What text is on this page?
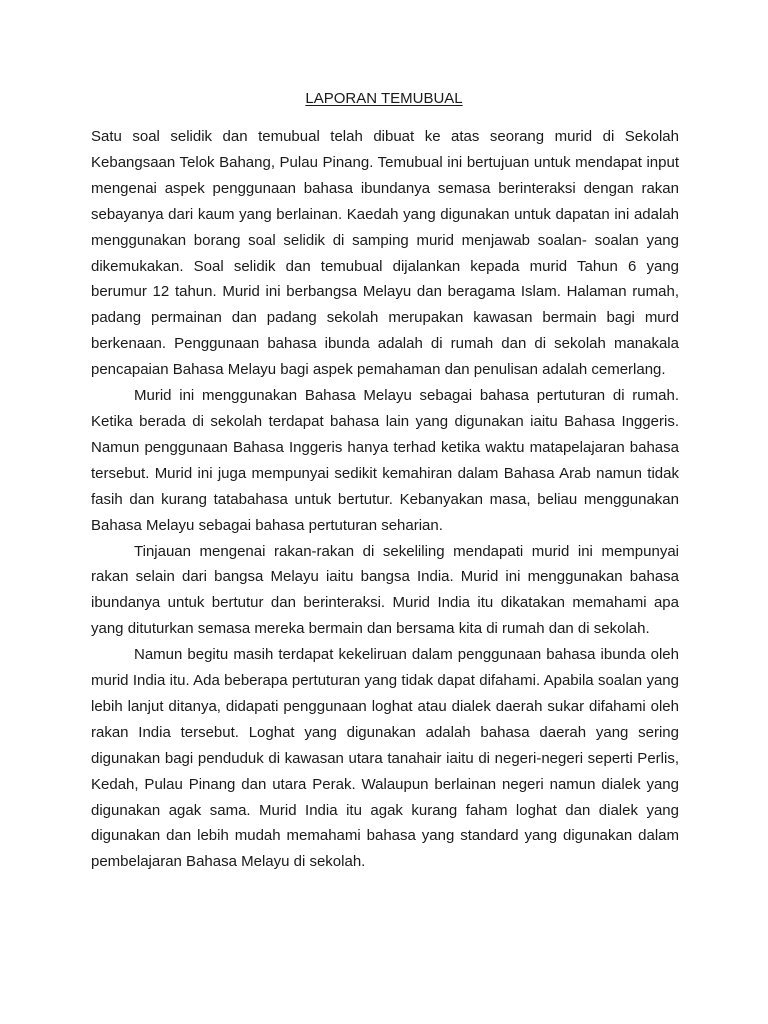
LAPORAN TEMUBUAL

Satu soal selidik dan temubual telah dibuat ke atas seorang murid di Sekolah Kebangsaan Telok Bahang, Pulau Pinang. Temubual ini bertujuan untuk mendapat input mengenai aspek penggunaan bahasa ibundanya semasa berinteraksi dengan rakan sebayanya dari kaum yang berlainan. Kaedah yang digunakan untuk dapatan ini adalah menggunakan borang soal selidik di samping murid menjawab soalan- soalan yang dikemukakan. Soal selidik dan temubual dijalankan kepada murid Tahun 6 yang berumur 12 tahun. Murid ini berbangsa Melayu dan beragama Islam. Halaman rumah, padang permainan dan padang sekolah merupakan kawasan bermain bagi murd berkenaan. Penggunaan bahasa ibunda adalah di rumah dan di sekolah manakala pencapaian Bahasa Melayu bagi aspek pemahaman dan penulisan adalah cemerlang.

Murid ini menggunakan Bahasa Melayu sebagai bahasa pertuturan di rumah. Ketika berada di sekolah terdapat bahasa lain yang digunakan iaitu Bahasa Inggeris. Namun penggunaan Bahasa Inggeris hanya terhad ketika waktu matapelajaran bahasa tersebut. Murid ini juga mempunyai sedikit kemahiran dalam Bahasa Arab namun tidak fasih dan kurang tatabahasa untuk bertutur. Kebanyakan masa, beliau menggunakan Bahasa Melayu sebagai bahasa pertuturan seharian.

Tinjauan mengenai rakan-rakan di sekeliling mendapati murid ini mempunyai rakan selain dari bangsa Melayu iaitu bangsa India. Murid ini menggunakan bahasa ibundanya untuk bertutur dan berinteraksi. Murid India itu dikatakan memahami apa yang dituturkan semasa mereka bermain dan bersama kita di rumah dan di sekolah.

Namun begitu masih terdapat kekeliruan dalam penggunaan bahasa ibunda oleh murid India itu. Ada beberapa pertuturan yang tidak dapat difahami. Apabila soalan yang lebih lanjut ditanya, didapati penggunaan loghat atau dialek daerah sukar difahami oleh rakan India tersebut. Loghat yang digunakan adalah bahasa daerah yang sering digunakan bagi penduduk di kawasan utara tanahair iaitu di negeri-negeri seperti Perlis, Kedah, Pulau Pinang dan utara Perak. Walaupun berlainan negeri namun dialek yang digunakan agak sama. Murid India itu agak kurang faham loghat dan dialek yang digunakan dan lebih mudah memahami bahasa yang standard yang digunakan dalam pembelajaran Bahasa Melayu di sekolah.
